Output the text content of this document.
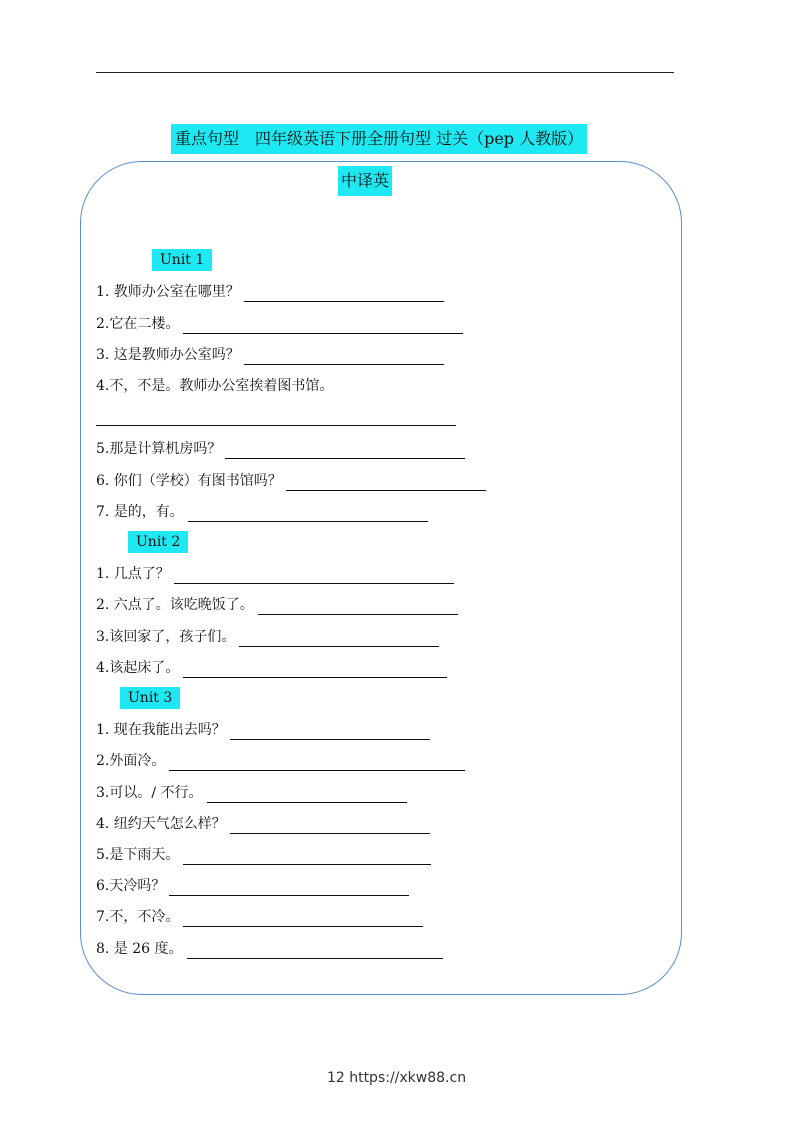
重点句型　四年级英语下册全册句型 过关（pep 人教版）
中译英
Unit 1
1. 教师办公室在哪里？
2.它在二楼。
3. 这是教师办公室吗？
4.不，不是。教师办公室挨着图书馆。
5.那是计算机房吗？
6. 你们（学校）有图书馆吗？
7. 是的，有。
Unit 2
1. 几点了？
2. 六点了。该吃晚饭了。
3.该回家了，孩子们。
4.该起床了。
Unit 3
1. 现在我能出去吗？
2.外面冷。
3.可以。/ 不行。
4. 纽约天气怎么样？
5.是下雨天。
6.天冷吗？
7.不，不冷。
8. 是 26 度。
12 https://xkw88.cn
